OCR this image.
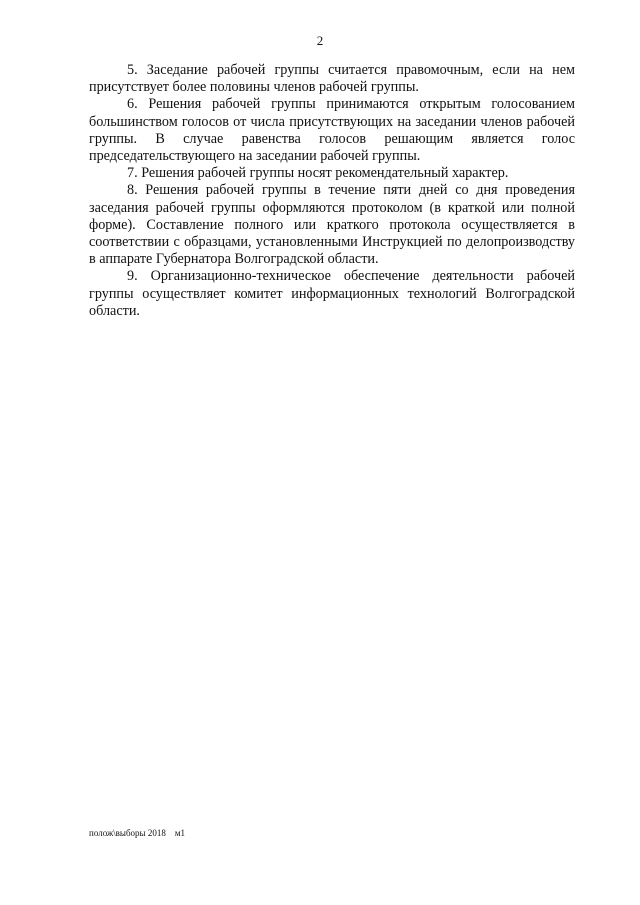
2

5. Заседание рабочей группы считается правомочным, если на нем присутствует более половины членов рабочей группы.

6. Решения рабочей группы принимаются открытым голосованием большинством голосов от числа присутствующих на заседании членов рабочей группы. В случае равенства голосов решающим является голос председательствующего на заседании рабочей группы.

7. Решения рабочей группы носят рекомендательный характер.

8. Решения рабочей группы в течение пяти дней со дня проведения заседания рабочей группы оформляются протоколом (в краткой или полной форме). Составление полного или краткого протокола осуществляется в соответствии с образцами, установленными Инструкцией по делопроизводству в аппарате Губернатора Волгоградской области.

9. Организационно-техническое обеспечение деятельности рабочей группы осуществляет комитет информационных технологий Волгоградской области.

полож\выборы 2018 м1
